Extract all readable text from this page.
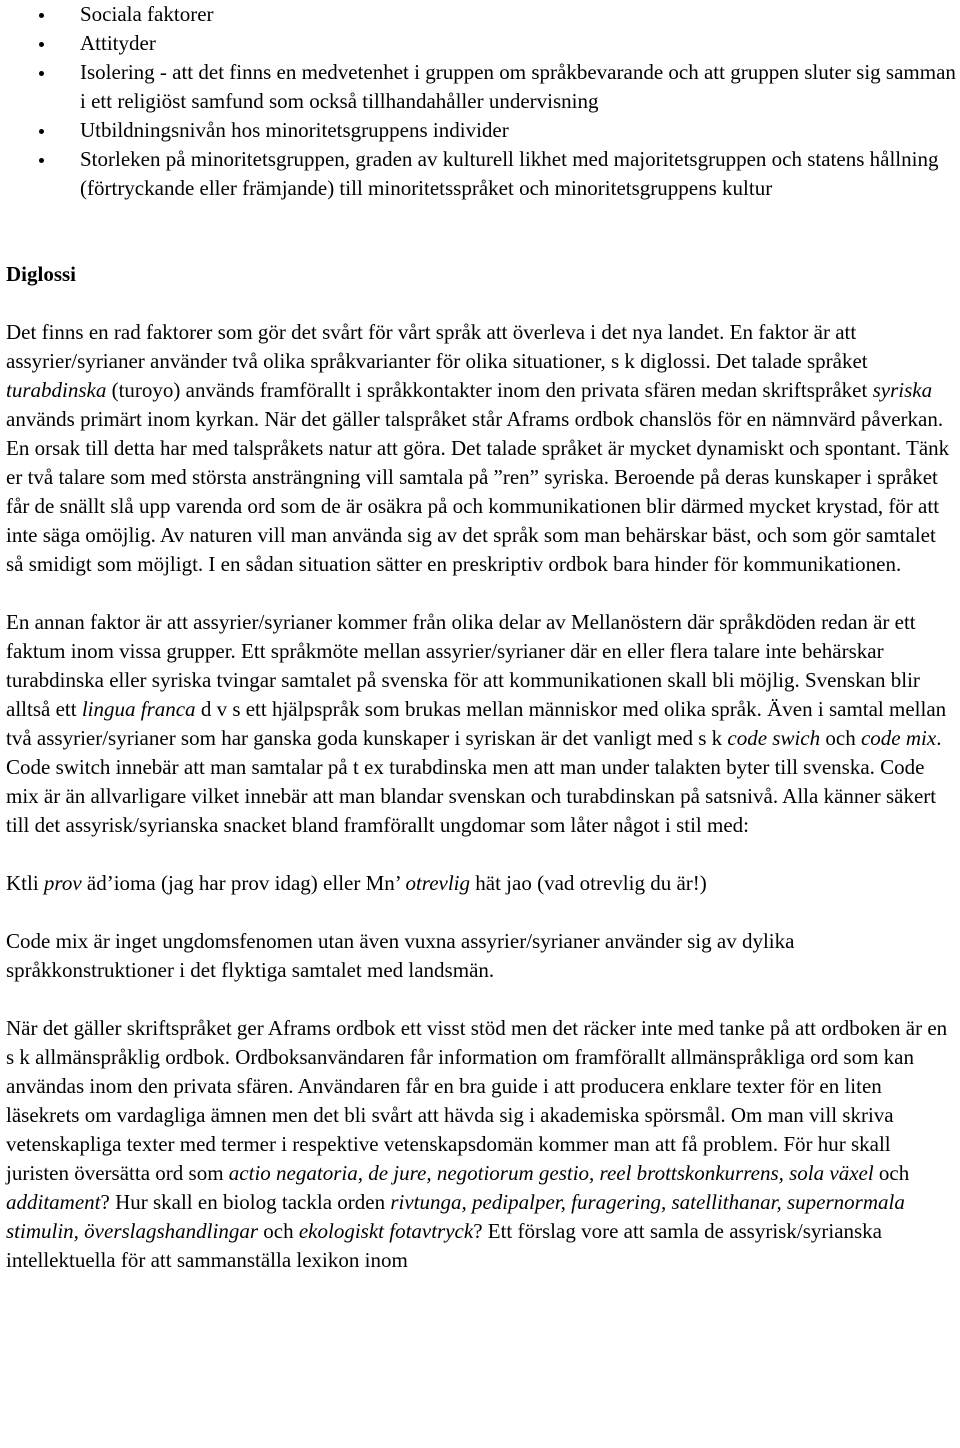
Sociala faktorer
Attityder
Isolering - att det finns en medvetenhet i gruppen om språkbevarande och att gruppen sluter sig samman i ett religiöst samfund som också tillhandahåller undervisning
Utbildningsnivån hos minoritetsgruppens individer
Storleken på minoritetsgruppen, graden av kulturell likhet med majoritetsgruppen och statens hållning (förtryckande eller främjande) till minoritetsspråket och minoritetsgruppens kultur
Diglossi

Det finns en rad faktorer som gör det svårt för vårt språk att överleva i det nya landet. En faktor är att assyrier/syrianer använder två olika språkvarianter för olika situationer, s k diglossi. Det talade språket turabdinska (turoyo) används framförallt i språkkontakter inom den privata sfären medan skriftspråket syriska används primärt inom kyrkan. När det gäller talspråket står Aframs ordbok chanslös för en nämnvärd påverkan. En orsak till detta har med talspråkets natur att göra. Det talade språket är mycket dynamiskt och spontant. Tänk er två talare som med största ansträngning vill samtala på ”ren” syriska. Beroende på deras kunskaper i språket får de snällt slå upp varenda ord som de är osäkra på och kommunikationen blir därmed mycket krystad, för att inte säga omöjlig. Av naturen vill man använda sig av det språk som man behärskar bäst, och som gör samtalet så smidigt som möjligt. I en sådan situation sätter en preskriptiv ordbok bara hinder för kommunikationen.

En annan faktor är att assyrier/syrianer kommer från olika delar av Mellanöstern där språkdöden redan är ett faktum inom vissa grupper. Ett språkmöte mellan assyrier/syrianer där en eller flera talare inte behärskar turabdinska eller syriska tvingar samtalet på svenska för att kommunikationen skall bli möjlig. Svenskan blir alltså ett lingua franca d v s ett hjälpspråk som brukas mellan människor med olika språk. Även i samtal mellan två assyrier/syrianer som har ganska goda kunskaper i syriskan är det vanligt med s k code swich och code mix. Code switch innebär att man samtalar på t ex turabdinska men att man under talakten byter till svenska. Code mix är än allvarligare vilket innebär att man blandar svenskan och turabdinskan på satsnivå. Alla känner säkert till det assyrisk/syrianska snacket bland framförallt ungdomar som låter något i stil med:

Ktli prov äd’ioma (jag har prov idag) eller Mn’ otrevlig hät jao (vad otrevlig du är!)

Code mix är inget ungdomsfenomen utan även vuxna assyrier/syrianer använder sig av dylika språkkonstruktioner i det flyktiga samtalet med landsmän.

När det gäller skriftspråket ger Aframs ordbok ett visst stöd men det räcker inte med tanke på att ordboken är en s k allmänspråklig ordbok. Ordboksanvändaren får information om framförallt allmänspråkliga ord som kan användas inom den privata sfären. Användaren får en bra guide i att producera enklare texter för en liten läsekrets om vardagliga ämnen men det bli svårt att hävda sig i akademiska spörsmål. Om man vill skriva vetenskapliga texter med termer i respektive vetenskapsdomän kommer man att få problem. För hur skall juristen översätta ord som actio negatoria, de jure, negotiorum gestio, reel brottskonkurrens, sola växel och additament? Hur skall en biolog tackla orden rivtunga, pedipalper, furagering, satellithanar, supernormala stimulin, överslagshandlingar och ekologiskt fotavtryck? Ett förslag vore att samla de assyrisk/syrianska intellektuella för att sammanställa lexikon inom
